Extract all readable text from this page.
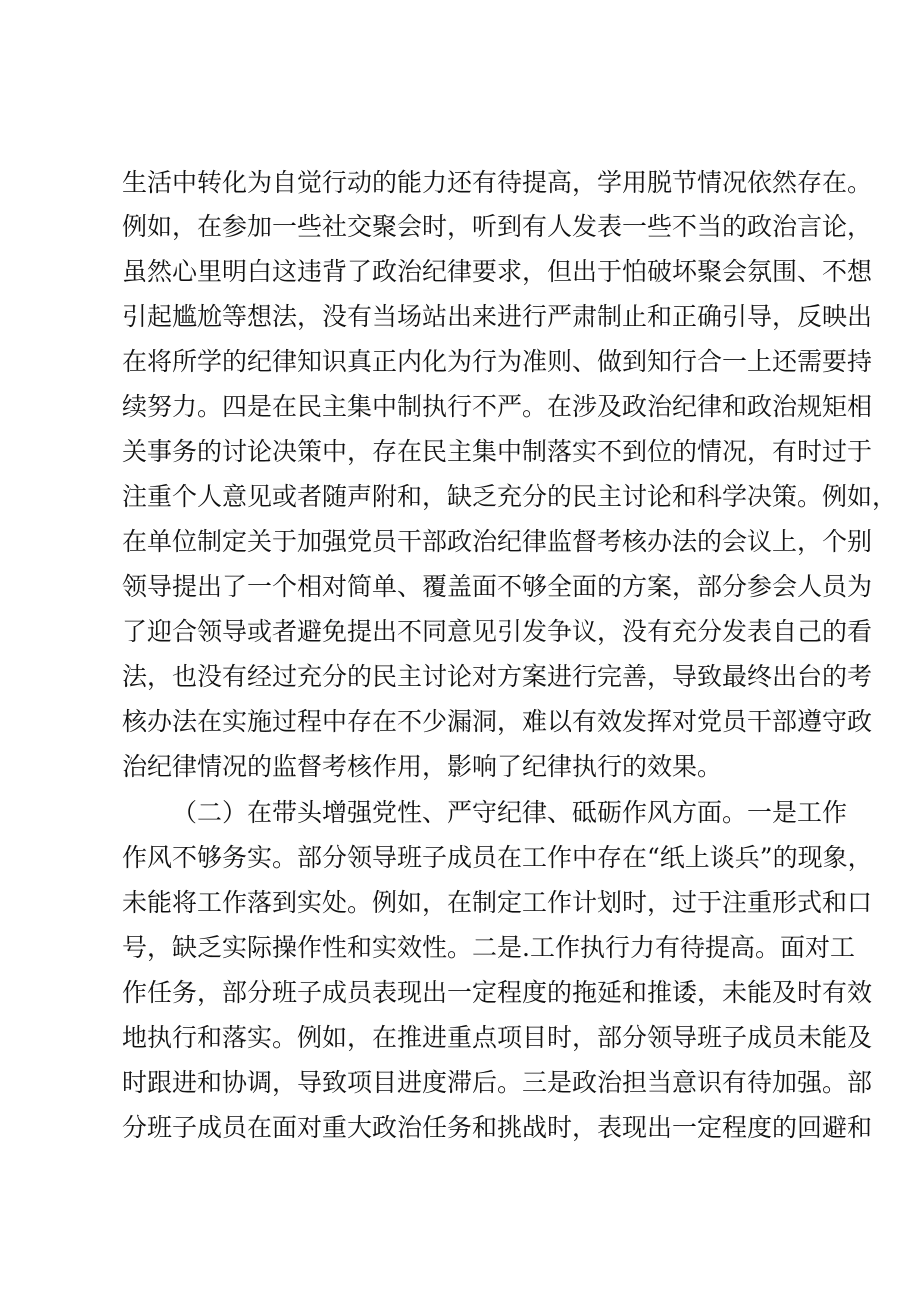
生活中转化为自觉行动的能力还有待提高，学用脱节情况依然存在。
例如，在参加一些社交聚会时，听到有人发表一些不当的政治言论，
虽然心里明白这违背了政治纪律要求，但出于怕破坏聚会氛围、不想
引起尴尬等想法，没有当场站出来进行严肃制止和正确引导，反映出
在将所学的纪律知识真正内化为行为准则、做到知行合一上还需要持
续努力。四是在民主集中制执行不严。在涉及政治纪律和政治规矩相
关事务的讨论决策中，存在民主集中制落实不到位的情况，有时过于
注重个人意见或者随声附和，缺乏充分的民主讨论和科学决策。例如，
在单位制定关于加强党员干部政治纪律监督考核办法的会议上，个别
领导提出了一个相对简单、覆盖面不够全面的方案，部分参会人员为
了迎合领导或者避免提出不同意见引发争议，没有充分发表自己的看
法，也没有经过充分的民主讨论对方案进行完善，导致最终出台的考
核办法在实施过程中存在不少漏洞，难以有效发挥对党员干部遵守政
治纪律情况的监督考核作用，影响了纪律执行的效果。
（二）在带头增强党性、严守纪律、砥砺作风方面。一是工作
作风不够务实。部分领导班子成员在工作中存在“纸上谈兵”的现象，
未能将工作落到实处。例如，在制定工作计划时，过于注重形式和口
号，缺乏实际操作性和实效性。二是.工作执行力有待提高。面对工
作任务，部分班子成员表现出一定程度的拖延和推诿，未能及时有效
地执行和落实。例如，在推进重点项目时，部分领导班子成员未能及
时跟进和协调，导致项目进度滞后。三是政治担当意识有待加强。部
分班子成员在面对重大政治任务和挑战时，表现出一定程度的回避和
